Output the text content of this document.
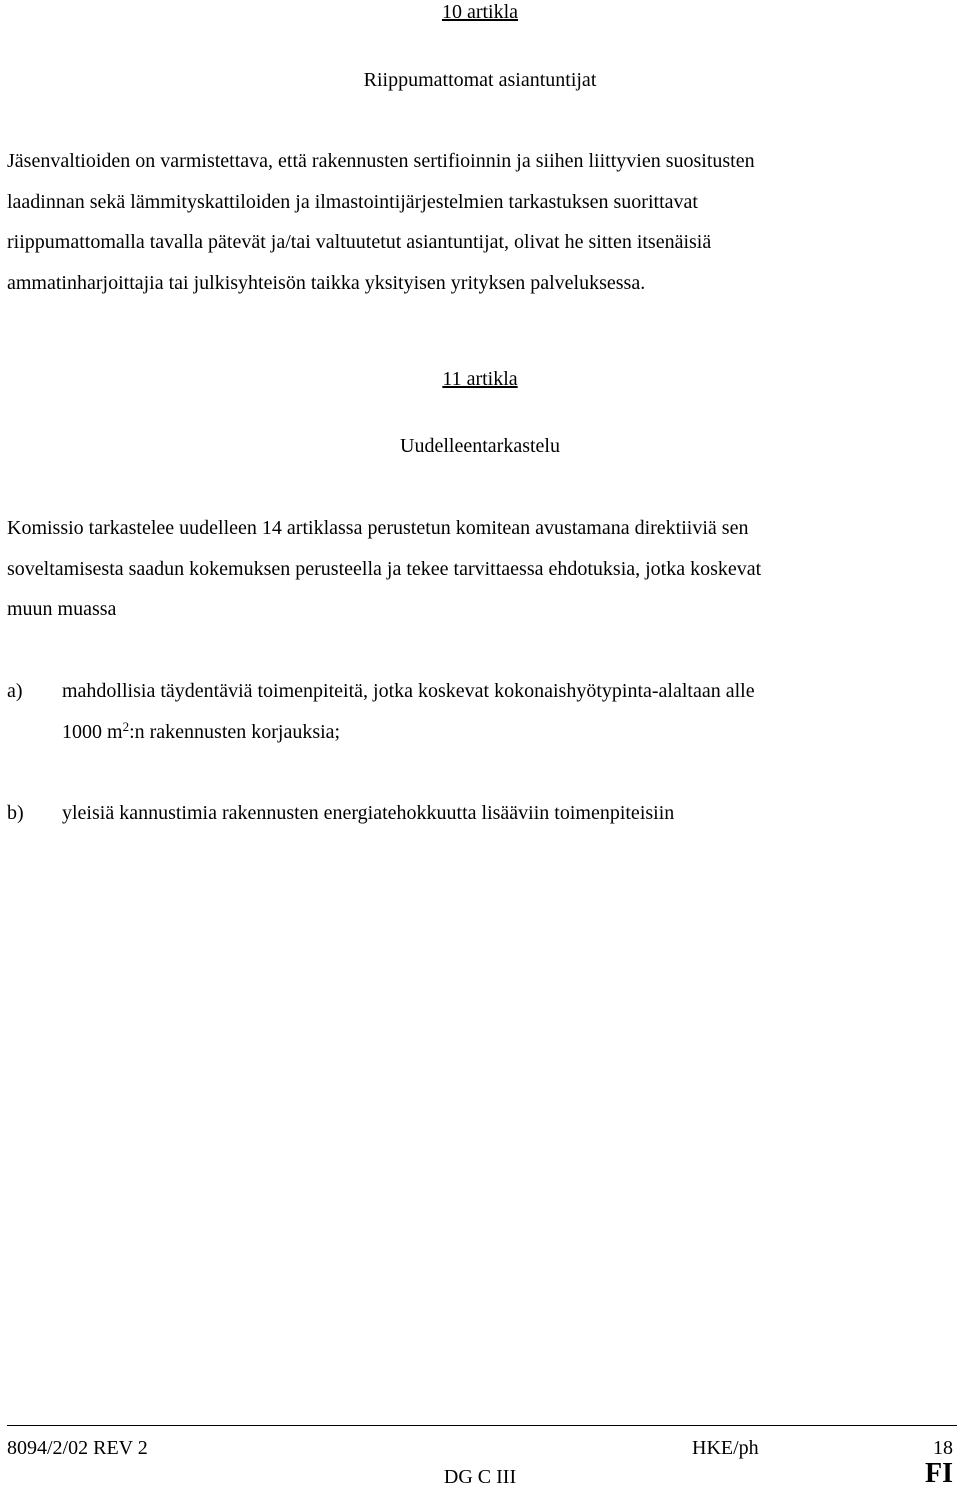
10 artikla
Riippumattomat asiantuntijat
Jäsenvaltioiden on varmistettava, että rakennusten sertifioinnin ja siihen liittyvien suositusten
laadinnan sekä lämmityskattiloiden ja ilmastointijärjestelmien tarkastuksen suorittavat
riippumattomalla tavalla pätevät ja/tai valtuutetut asiantuntijat, olivat he sitten itsenäisiä
ammatinharjoittajia tai julkisyhteisön taikka yksityisen yrityksen palveluksessa.
11 artikla
Uudelleentarkastelu
Komissio tarkastelee uudelleen 14 artiklassa perustetun komitean avustamana direktiiviä sen
soveltamisesta saadun kokemuksen perusteella ja tekee tarvittaessa ehdotuksia, jotka koskevat
muun muassa
a) mahdollisia täydentäviä toimenpiteitä, jotka koskevat kokonaishyötypinta-alaltaan alle
1000 $m^2:n$ rakennusten korjauksia;
b) yleisiä kannustimia rakennusten energiatehokkuutta lisääviin toimenpiteisiin
8094/2/02 REV 2	HKE/ph	18
DG C III	FI
